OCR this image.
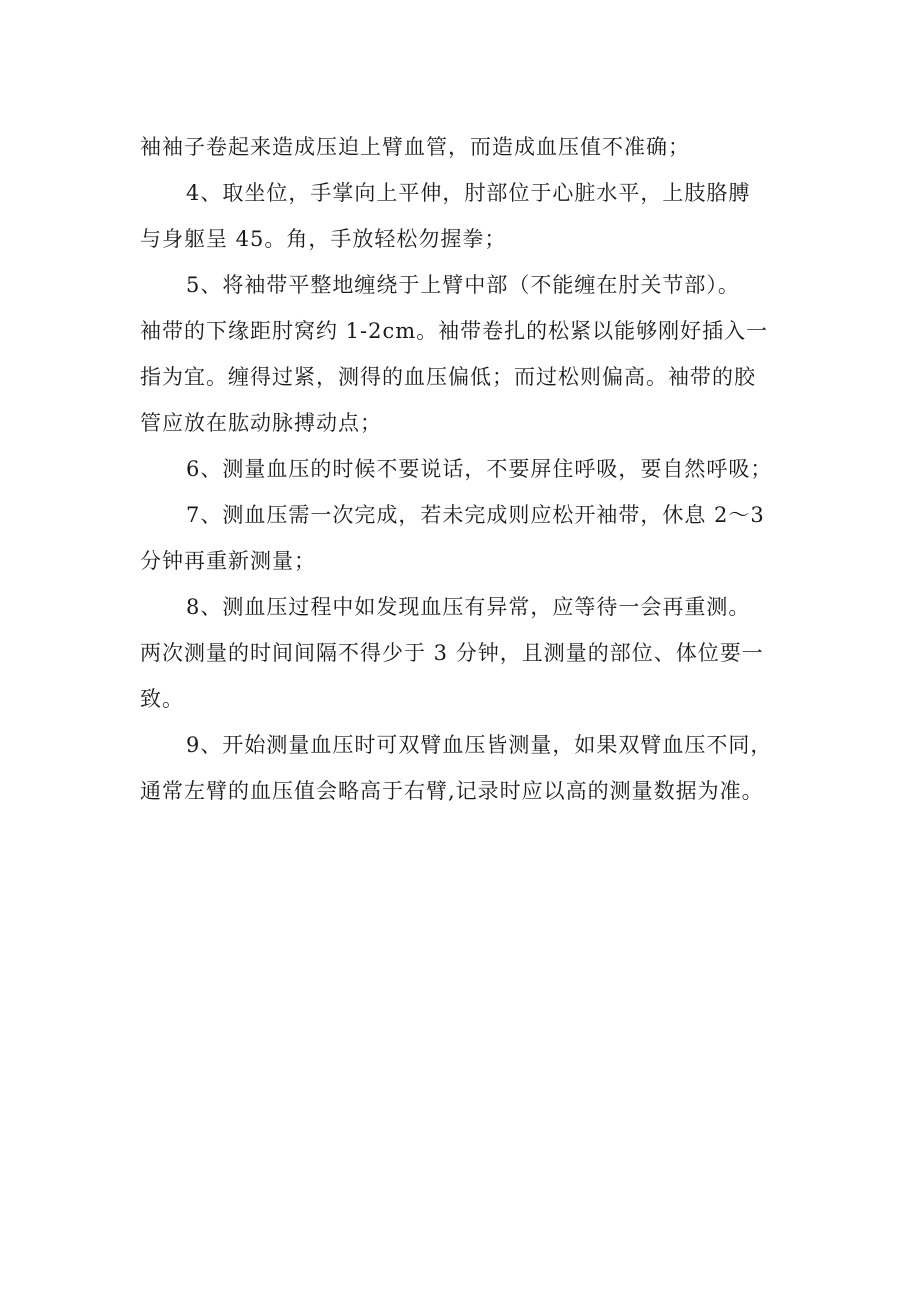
袖袖子卷起来造成压迫上臂血管，而造成血压值不准确；

4、取坐位，手掌向上平伸，肘部位于心脏水平，上肢胳膊
与身躯呈 45。角，手放轻松勿握拳；

5、将袖带平整地缠绕于上臂中部（不能缠在肘关节部）。
袖带的下缘距肘窝约 1-2cm。袖带卷扎的松紧以能够刚好插入一
指为宜。缠得过紧，测得的血压偏低；而过松则偏高。袖带的胶
管应放在肱动脉搏动点；

6、测量血压的时候不要说话，不要屏住呼吸，要自然呼吸；

7、测血压需一次完成，若未完成则应松开袖带，休息 2～3
分钟再重新测量；

8、测血压过程中如发现血压有异常，应等待一会再重测。
两次测量的时间间隔不得少于 3 分钟，且测量的部位、体位要一
致。

9、开始测量血压时可双臂血压皆测量，如果双臂血压不同，
通常左臂的血压值会略高于右臂,记录时应以高的测量数据为准。
